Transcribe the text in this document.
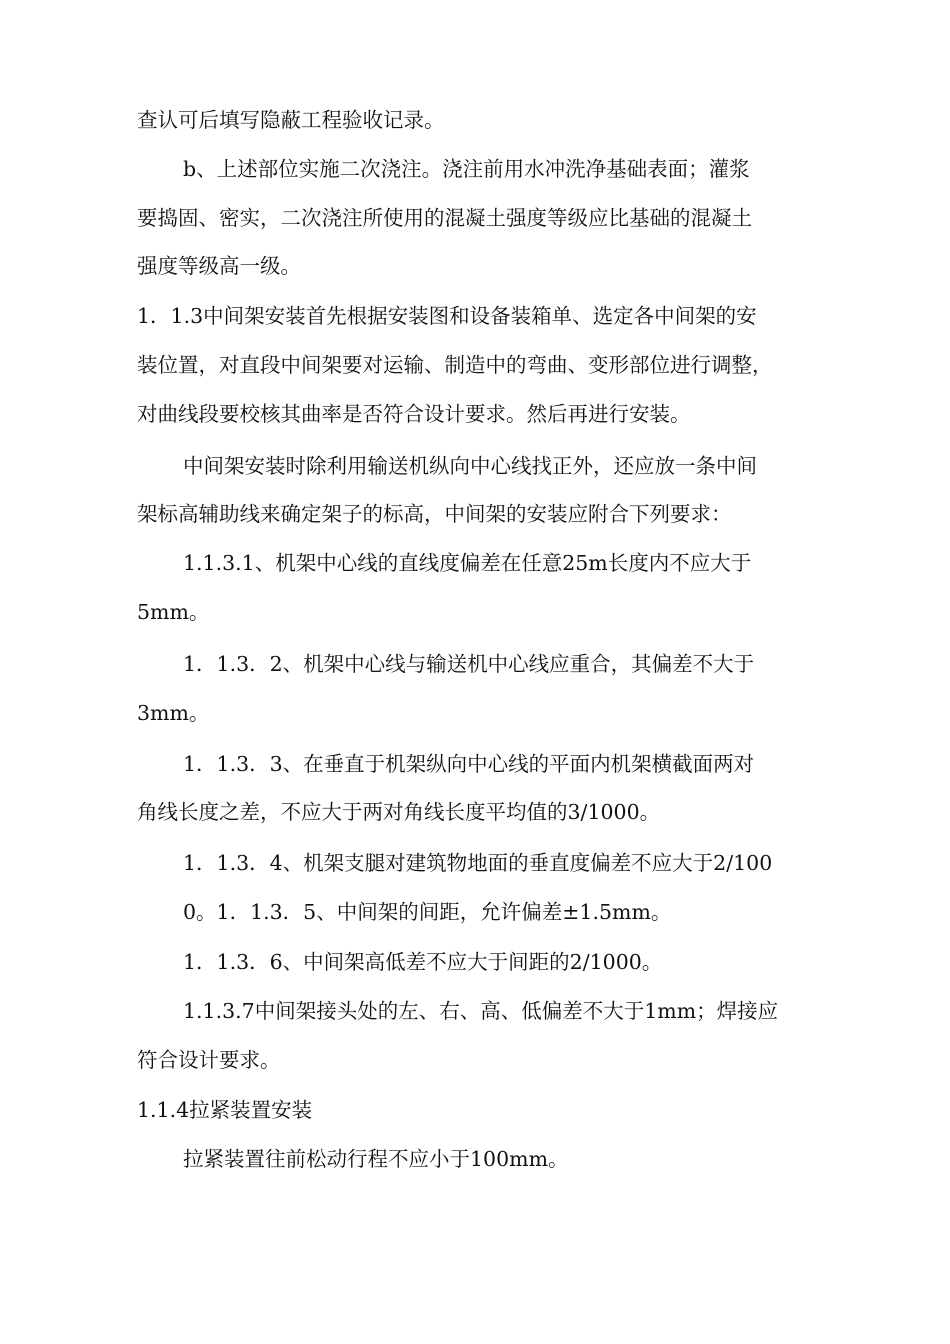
查认可后填写隐蔽工程验收记录。

b、上述部位实施二次浇注。浇注前用水冲洗净基础表面；灌浆

要捣固、密实，二次浇注所使用的混凝土强度等级应比基础的混凝土

强度等级高一级。

1．1.3中间架安装首先根据安装图和设备装箱单、选定各中间架的安

装位置，对直段中间架要对运输、制造中的弯曲、变形部位进行调整，

对曲线段要校核其曲率是否符合设计要求。然后再进行安装。

中间架安装时除利用输送机纵向中心线找正外，还应放一条中间

架标高辅助线来确定架子的标高，中间架的安装应附合下列要求：

1.1.3.1、机架中心线的直线度偏差在任意25m长度内不应大于

5mm。

1．1.3．2、机架中心线与输送机中心线应重合，其偏差不大于

3mm。

1．1.3．3、在垂直于机架纵向中心线的平面内机架横截面两对

角线长度之差，不应大于两对角线长度平均值的3/1000。

1．1.3．4、机架支腿对建筑物地面的垂直度偏差不应大于2/100

0。1．1.3．5、中间架的间距，允许偏差±1.5mm。

1．1.3．6、中间架高低差不应大于间距的2/1000。

1.1.3.7中间架接头处的左、右、高、低偏差不大于1mm；焊接应

符合设计要求。

1.1.4拉紧装置安装

拉紧装置往前松动行程不应小于100mm。
